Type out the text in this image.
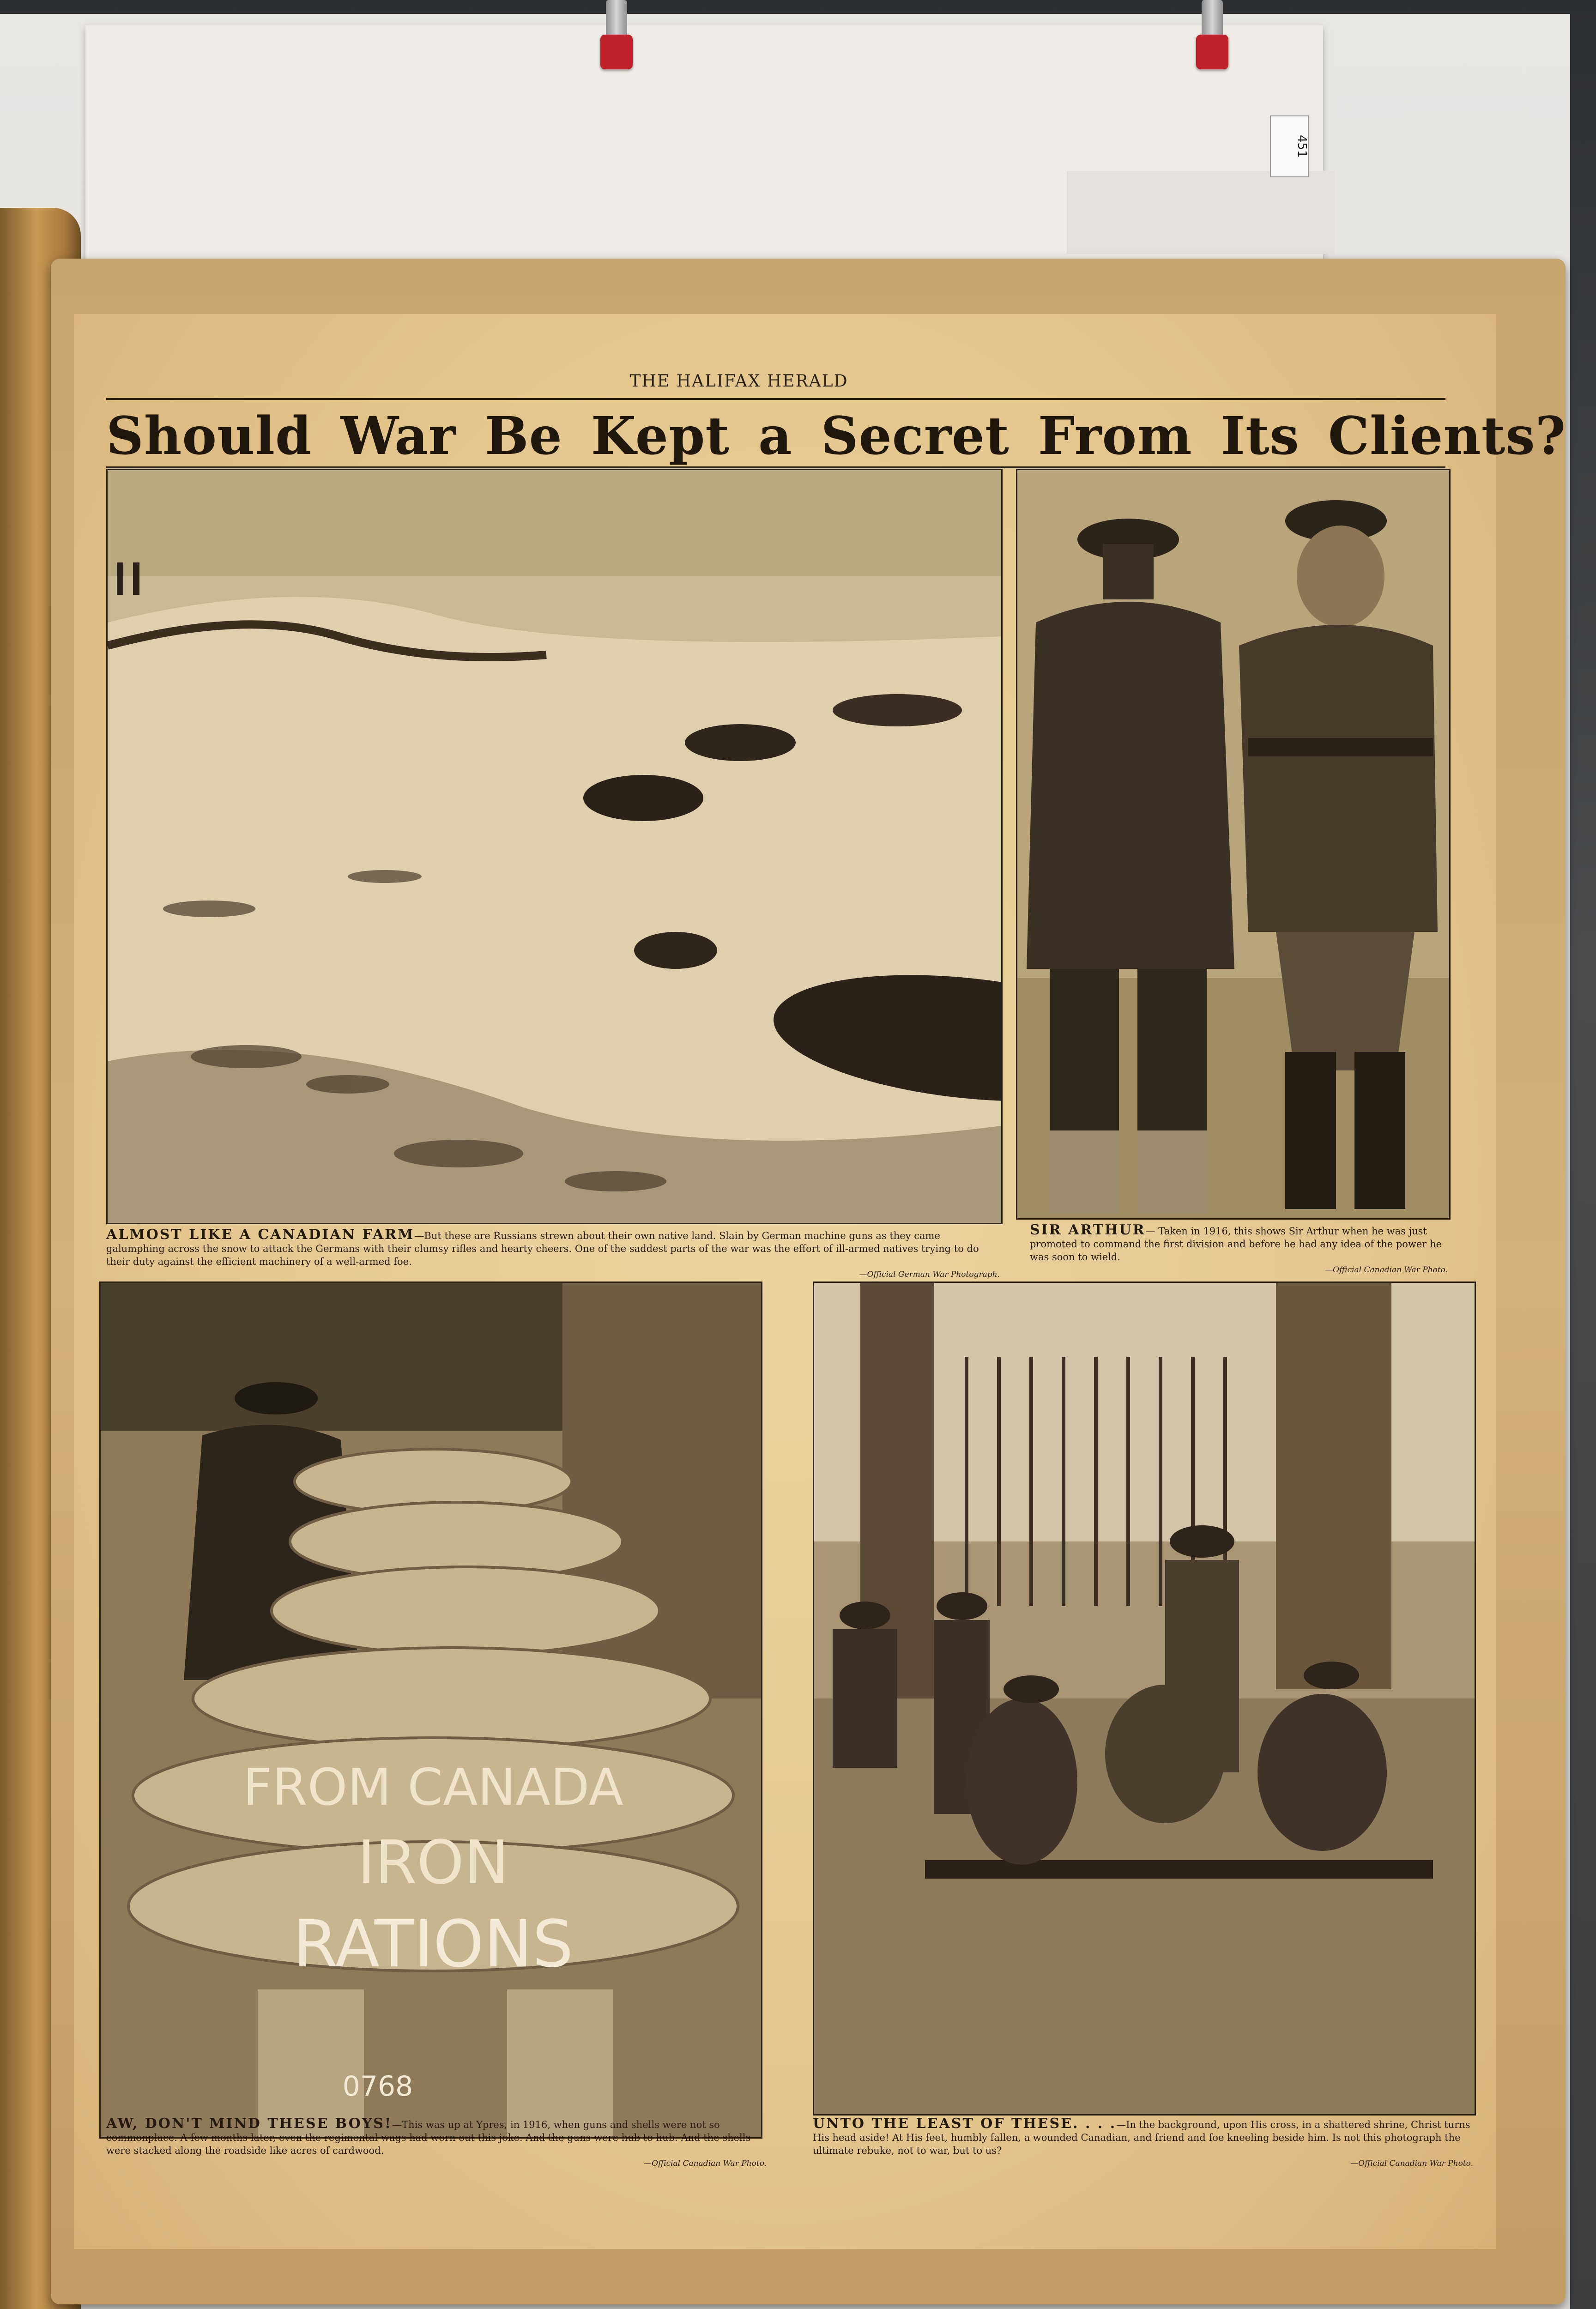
451
THE HALIFAX HERALD
Should War Be Kept a Secret From Its Clients?
ALMOST LIKE A CANADIAN FARM—But these are Russians strewn about their own native land. Slain by German machine guns as they came galumphing across the snow to attack the Germans with their clumsy rifles and hearty cheers. One of the saddest parts of the war was the effort of ill-armed natives trying to do their duty against the efficient machinery of a well-armed foe.
—Official German War Photograph.
SIR ARTHUR— Taken in 1916, this shows Sir Arthur when he was just promoted to command the first division and before he had any idea of the power he was soon to wield.
—Official Canadian War Photo.
FROM CANADA
IRON
RATIONS
0768
AW, DON'T MIND THESE BOYS!—This was up at Ypres, in 1916, when guns and shells were not so commonplace. A few months later, even the regimental wags had worn out this joke. And the guns were hub to hub. And the shells were stacked along the roadside like acres of cardwood.
—Official Canadian War Photo.
UNTO THE LEAST OF THESE. . . .—In the background, upon His cross, in a shattered shrine, Christ turns His head aside! At His feet, humbly fallen, a wounded Canadian, and friend and foe kneeling beside him. Is not this photograph the ultimate rebuke, not to war, but to us?
—Official Canadian War Photo.
